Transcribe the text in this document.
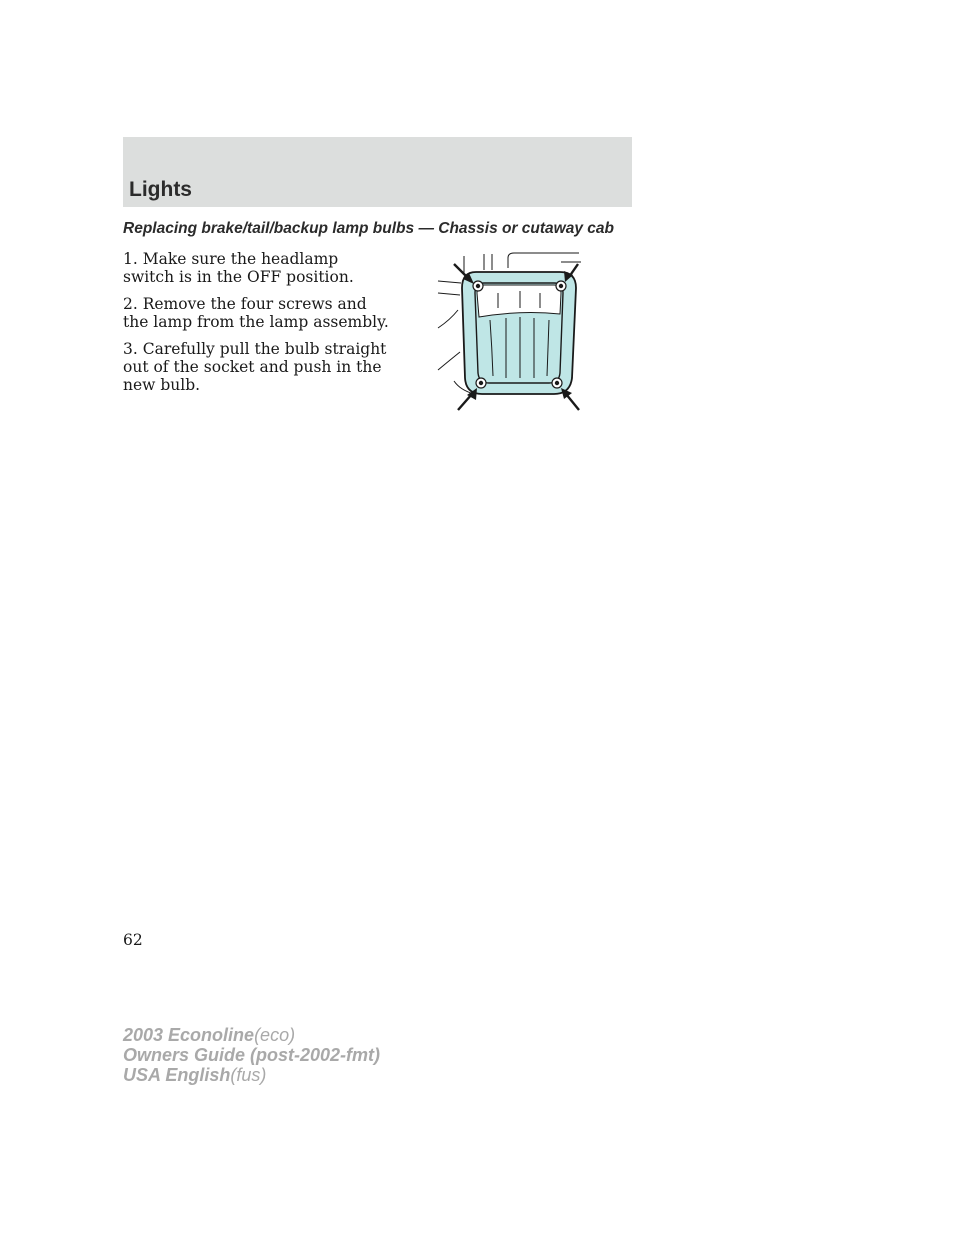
Lights
Replacing brake/tail/backup lamp bulbs — Chassis or cutaway cab

1. Make sure the headlamp switch is in the OFF position.

2. Remove the four screws and the lamp from the lamp assembly.

3. Carefully pull the bulb straight out of the socket and push in the new bulb.

62

2003 Econoline(eco)

Owners Guide (post-2002-fmt)

USA English(fus)
